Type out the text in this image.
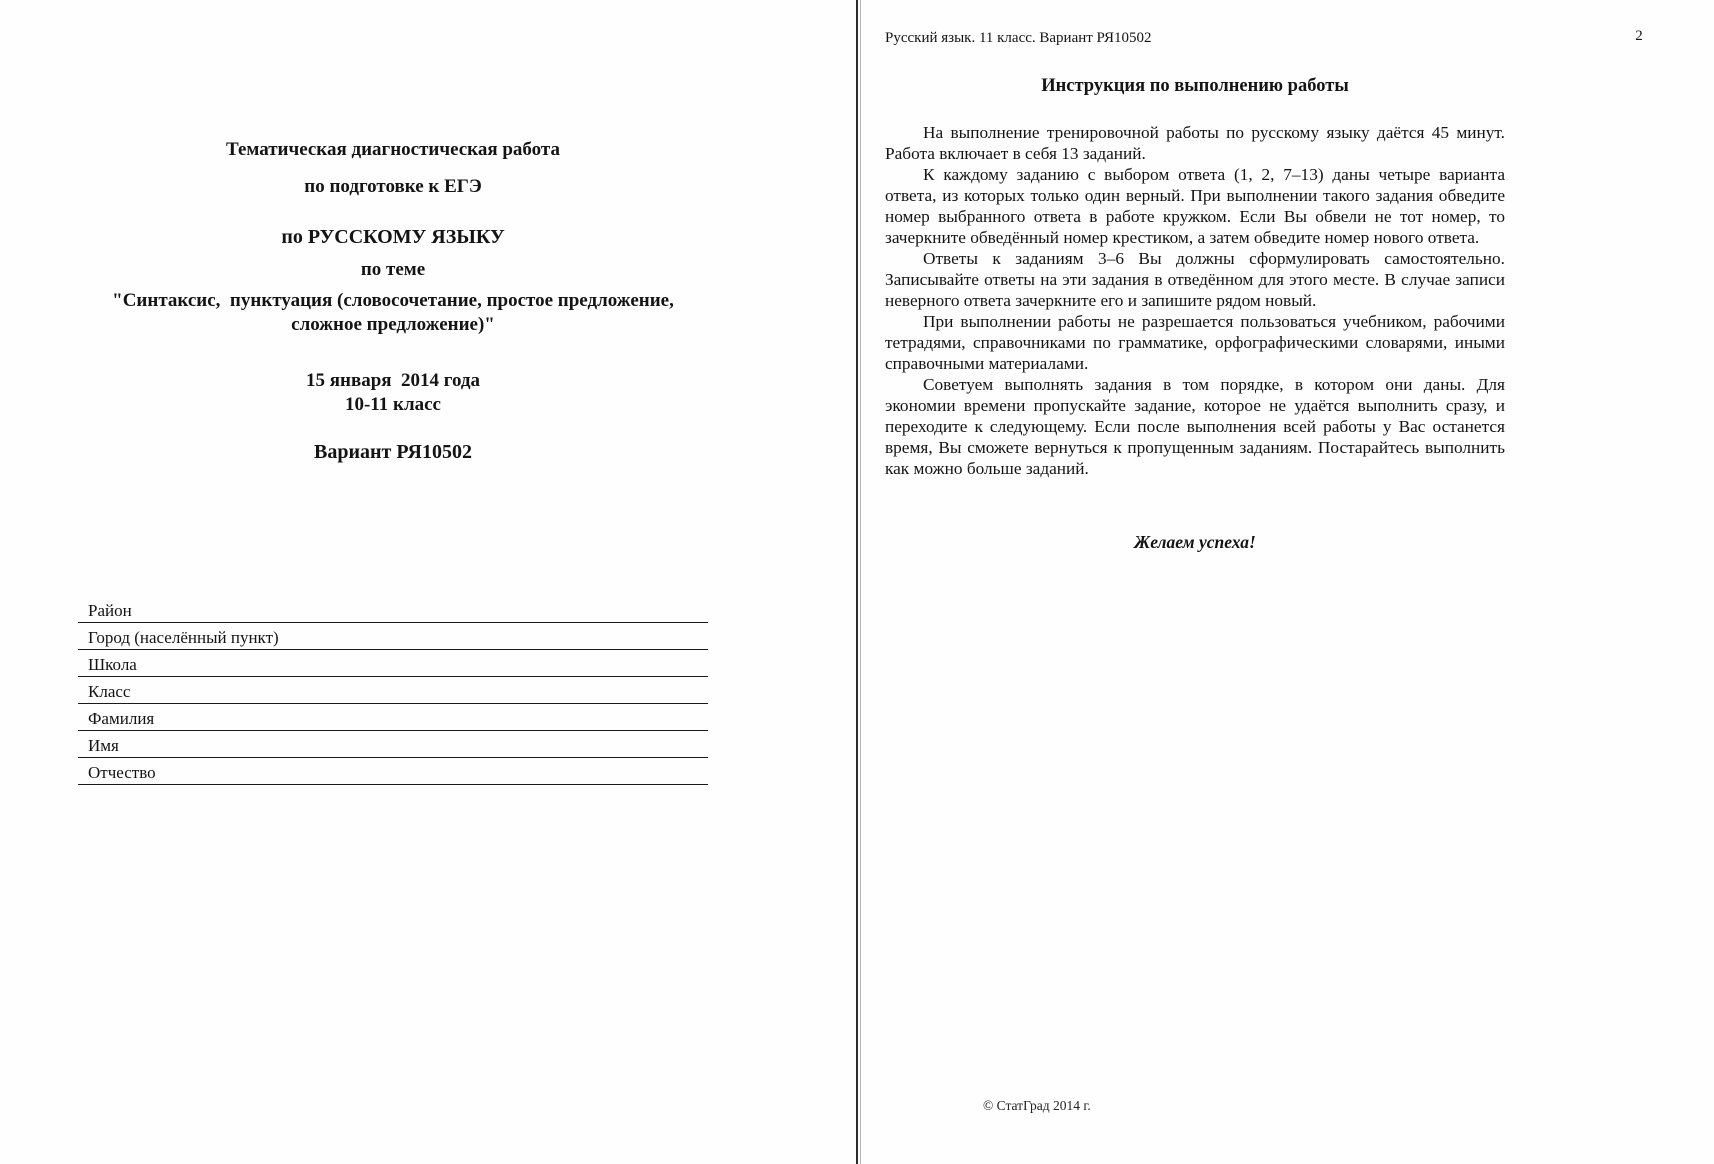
Тематическая диагностическая работа
по подготовке к ЕГЭ
по РУССКОМУ ЯЗЫКУ
по теме
"Синтаксис,  пунктуация (словосочетание, простое предложение, сложное предложение)"
15 января  2014 года
10-11 класс
Вариант РЯ10502
Район
Город (населённый пункт)
Школа
Класс
Фамилия
Имя
Отчество
Русский язык. 11 класс. Вариант РЯ10502	2
Инструкция по выполнению работы

На выполнение тренировочной работы по русскому языку даётся 45 минут. Работа включает в себя 13 заданий.

К каждому заданию с выбором ответа (1, 2, 7–13) даны четыре варианта ответа, из которых только один верный. При выполнении такого задания обведите номер выбранного ответа в работе кружком. Если Вы обвели не тот номер, то зачеркните обведённый номер крестиком, а затем обведите номер нового ответа.

Ответы к заданиям 3–6 Вы должны сформулировать самостоятельно. Записывайте ответы на эти задания в отведённом для этого месте. В случае записи неверного ответа зачеркните его и запишите рядом новый.

При выполнении работы не разрешается пользоваться учебником, рабочими тетрадями, справочниками по грамматике, орфографическими словарями, иными справочными материалами.

Советуем выполнять задания в том порядке, в котором они даны. Для экономии времени пропускайте задание, которое не удаётся выполнить сразу, и переходите к следующему. Если после выполнения всей работы у Вас останется время, Вы сможете вернуться к пропущенным заданиям. Постарайтесь выполнить как можно больше заданий.

Желаем успеха!
© СтатГрад 2014 г.
